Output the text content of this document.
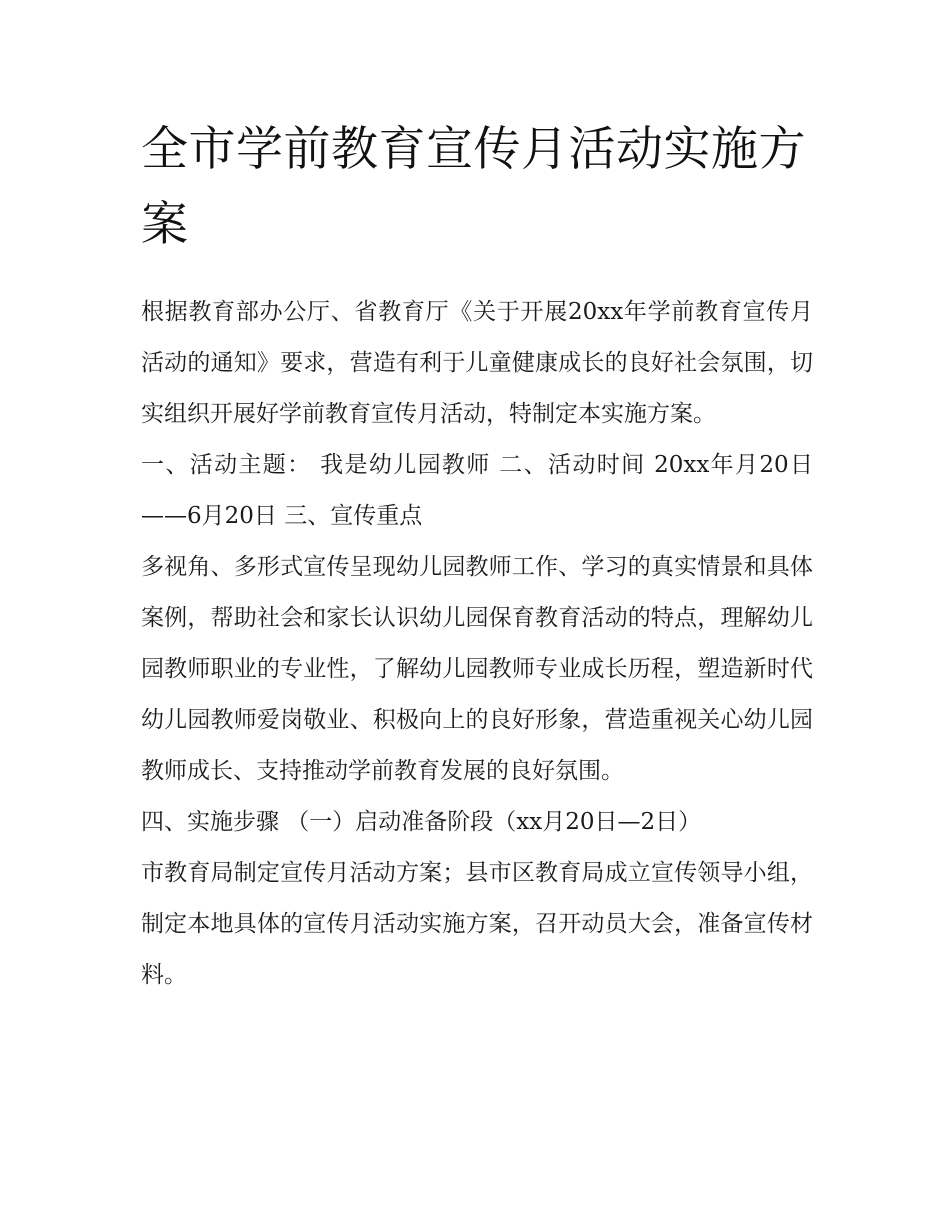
全市学前教育宣传月活动实施方案

根据教育部办公厅、省教育厅《关于开展20xx年学前教育宣传月活动的通知》要求，营造有利于儿童健康成长的良好社会氛围，切实组织开展好学前教育宣传月活动，特制定本实施方案。

一、活动主题： 我是幼儿园教师 二、活动时间 20xx年月20日——6月20日 三、宣传重点

多视角、多形式宣传呈现幼儿园教师工作、学习的真实情景和具体案例，帮助社会和家长认识幼儿园保育教育活动的特点，理解幼儿园教师职业的专业性，了解幼儿园教师专业成长历程，塑造新时代幼儿园教师爱岗敬业、积极向上的良好形象，营造重视关心幼儿园教师成长、支持推动学前教育发展的良好氛围。

四、实施步骤 （一）启动准备阶段（xx月20日—2日）

市教育局制定宣传月活动方案；县市区教育局成立宣传领导小组，制定本地具体的宣传月活动实施方案，召开动员大会，准备宣传材料。
